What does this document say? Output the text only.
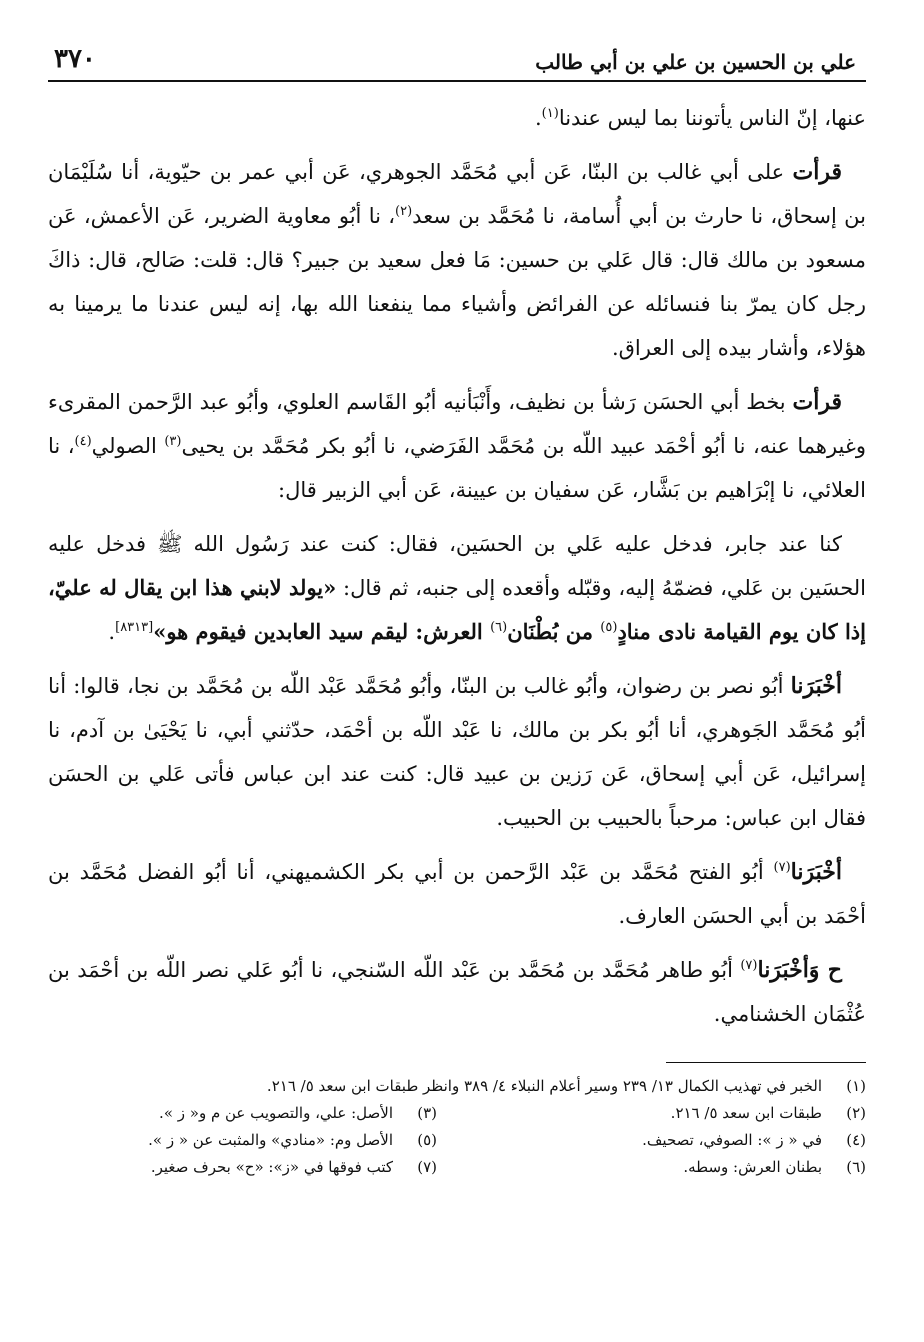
علي بن الحسين بن علي بن أبي طالب
٣٧٠

عنها، إنّ الناس يأتوننا بما ليس عندنا$^{(١)}$.

قرأت على أبي غالب بن البنّا، عَن أبي مُحَمَّد الجوهري، عَن أبي عمر بن حيّوية، أنا سُلَيْمَان بن إسحاق، نا حارث بن أبي أُسامة، نا مُحَمَّد بن سعد$^{(٢)}$، نا أبُو معاوية الضرير، عَن الأعمش، عَن مسعود بن مالك قال: قال عَلي بن حسين: مَا فعل سعيد بن جبير؟ قال: قلت: صَالح، قال: ذاكَ رجل كان يمرّ بنا فنسائله عن الفرائض وأشياء مما ينفعنا الله بها، إنه ليس عندنا ما يرمينا به هؤلاء، وأشار بيده إلى العراق.

قرأت بخط أبي الحسَن رَشأ بن نظيف، وأَنْبَأنيه أبُو القَاسم العلوي، وأبُو عبد الرَّحمن المقرىء وغيرهما عنه، نا أبُو أحْمَد عبيد اللّه بن مُحَمَّد الفَرَضي، نا أبُو بكر مُحَمَّد بن يحيى$^{(٣)}$ الصولي$^{(٤)}$، نا العلائي، نا إبْرَاهيم بن بَشَّار، عَن سفيان بن عيينة، عَن أبي الزبير قال:

كنا عند جابر، فدخل عليه عَلي بن الحسَين، فقال: كنت عند رَسُول الله ﷺ فدخل عليه الحسَين بن عَلي، فضمّهُ إليه، وقبّله وأقعده إلى جنبه، ثم قال: «يولد لابني هذا ابن يقال له عليّ، إذا كان يوم القيامة نادى منادٍ$^{(٥)}$ من بُطْنَان$^{(٦)}$ العرش: ليقم سيد العابدين فيقوم هو»[٨٣١٣].

أخْبَرَنا أبُو نصر بن رضوان، وأبُو غالب بن البنّا، وأبُو مُحَمَّد عَبْد اللّه بن مُحَمَّد بن نجا، قالوا: أنا أبُو مُحَمَّد الجَوهري، أنا أبُو بكر بن مالك، نا عَبْد اللّه بن أحْمَد، حدّثني أبي، نا يَحْيَىٰ بن آدم، نا إسرائيل، عَن أبي إسحاق، عَن رَزين بن عبيد قال: كنت عند ابن عباس فأتى عَلي بن الحسَن فقال ابن عباس: مرحباً بالحبيب بن الحبيب.

أخْبَرَنا$^{(٧)}$ أبُو الفتح مُحَمَّد بن عَبْد الرَّحمن بن أبي بكر الكشميهني، أنا أبُو الفضل مُحَمَّد بن أحْمَد بن أبي الحسَن العارف.

ح وَأخْبَرَنا$^{(٧)}$ أبُو طاهر مُحَمَّد بن مُحَمَّد بن عَبْد اللّه السّنجي، نا أبُو عَلي نصر اللّه بن أحْمَد بن عُثْمَان الخشنامي.

(١)
الخبر في تهذيب الكمال ١٣/ ٢٣٩ وسير أعلام النبلاء ٤/ ٣٨٩ وانظر طبقات ابن سعد ٥/ ٢١٦.
(٢)
طبقات ابن سعد ٥/ ٢١٦.
(٣)
الأصل: علي، والتصويب عن م و« ز ».
(٤)
في « ز »: الصوفي، تصحيف.
(٥)
الأصل وم: «منادي» والمثبت عن « ز ».
(٦)
بطنان العرش: وسطه.
(٧)
كتب فوقها في «ز»: «ح» بحرف صغير.
